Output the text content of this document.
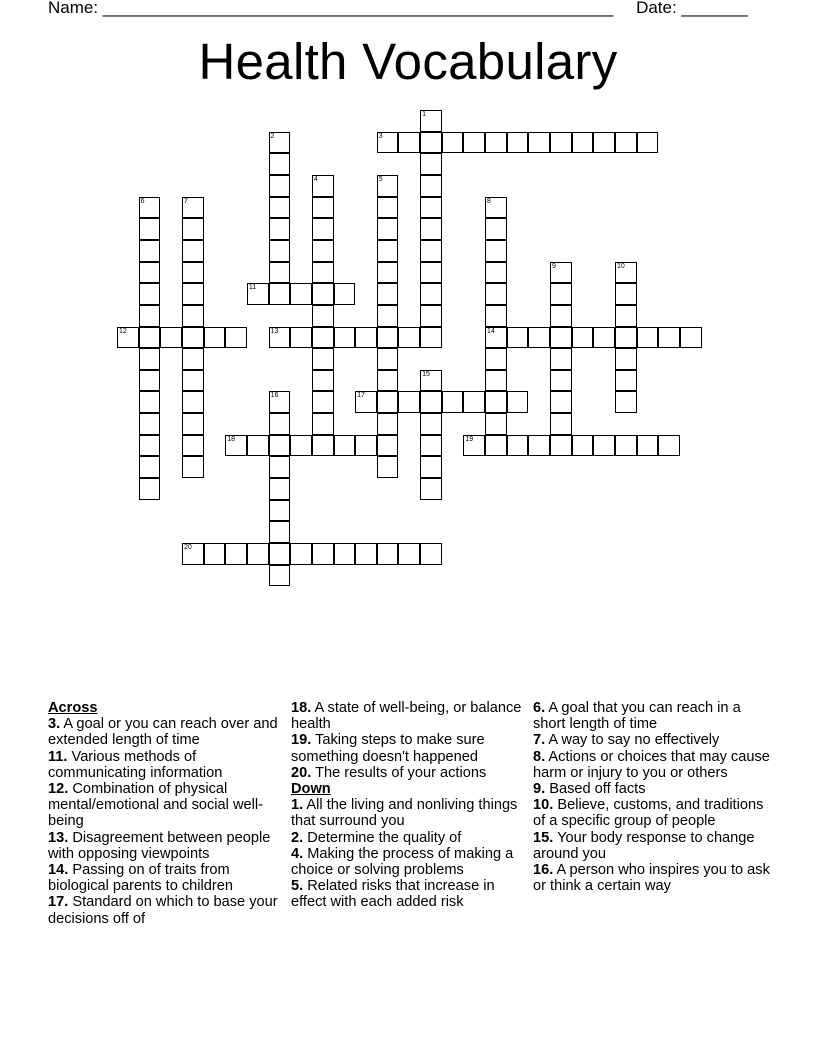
Name: ______________________________________________________ Date: _______
Health Vocabulary
1
2	3
4	5
6	7	8
14
9	10
11
12	13
15
16	17
18	19
20

Across

3. A goal or you can reach over and extended length of time

11. Various methods of communicating information

12. Combination of physical mental/emotional and social well-being

13. Disagreement between people with opposing viewpoints

14. Passing on of traits from biological parents to children

17. Standard on which to base your decisions off of

18. A state of well-being, or balance health

19. Taking steps to make sure something doesn't happened

20. The results of your actions

Down

1. All the living and nonliving things that surround you

2. Determine the quality of

4. Making the process of making a choice or solving problems

5. Related risks that increase in effect with each added risk

6. A goal that you can reach in a short length of time

7. A way to say no effectively

8. Actions or choices that may cause harm or injury to you or others

9. Based off facts

10. Believe, customs, and traditions of a specific group of people

15. Your body response to change around you

16. A person who inspires you to ask or think a certain way
